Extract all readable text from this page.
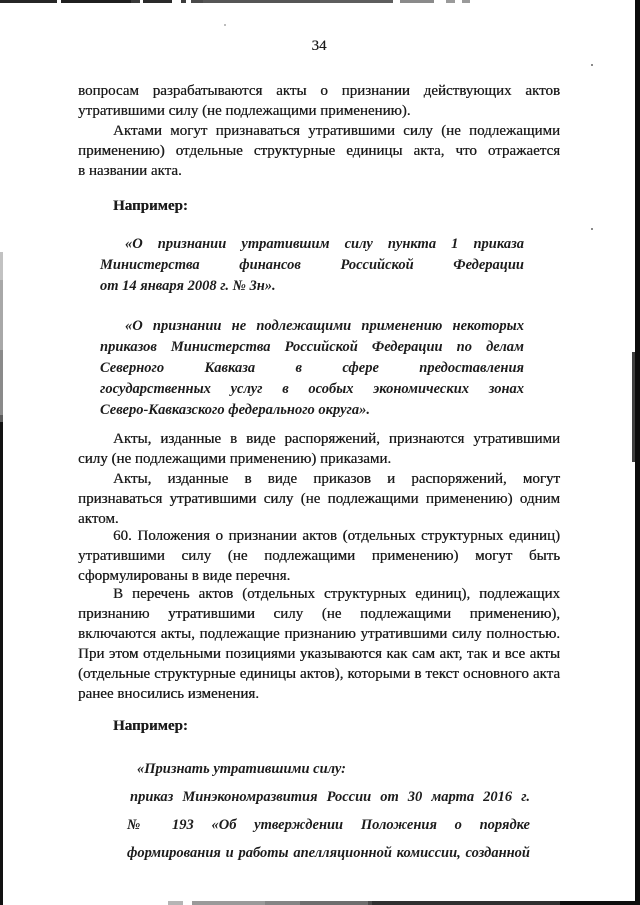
34
вопросам разрабатываются акты о признании действующих актов
утратившими силу (не подлежащими применению).
Актами могут признаваться утратившими силу (не подлежащими
применению) отдельные структурные единицы акта, что отражается
в названии акта.
Например:
«О признании утратившим силу пункта 1 приказа
Министерства финансов Российской Федерации
от 14 января 2008 г. № 3н».
«О признании не подлежащими применению некоторых
приказов Министерства Российской Федерации по делам
Северного Кавказа в сфере предоставления
государственных услуг в особых экономических зонах
Северо-Кавказского федерального округа».
Акты, изданные в виде распоряжений, признаются утратившими
силу (не подлежащими применению) приказами.
Акты, изданные в виде приказов и распоряжений, могут
признаваться утратившими силу (не подлежащими применению) одним
актом.
60. Положения о признании актов (отдельных структурных единиц)
утратившими силу (не подлежащими применению) могут быть
сформулированы в виде перечня.
В перечень актов (отдельных структурных единиц), подлежащих
признанию утратившими силу (не подлежащими применению),
включаются акты, подлежащие признанию утратившими силу полностью.
При этом отдельными позициями указываются как сам акт, так и все акты
(отдельные структурные единицы актов), которыми в текст основного акта
ранее вносились изменения.
Например:
«Признать утратившими силу:
приказ Минэкономразвития России от 30 марта 2016 г.
№ 193 «Об утверждении Положения о порядке
формирования и работы апелляционной комиссии, созданной
